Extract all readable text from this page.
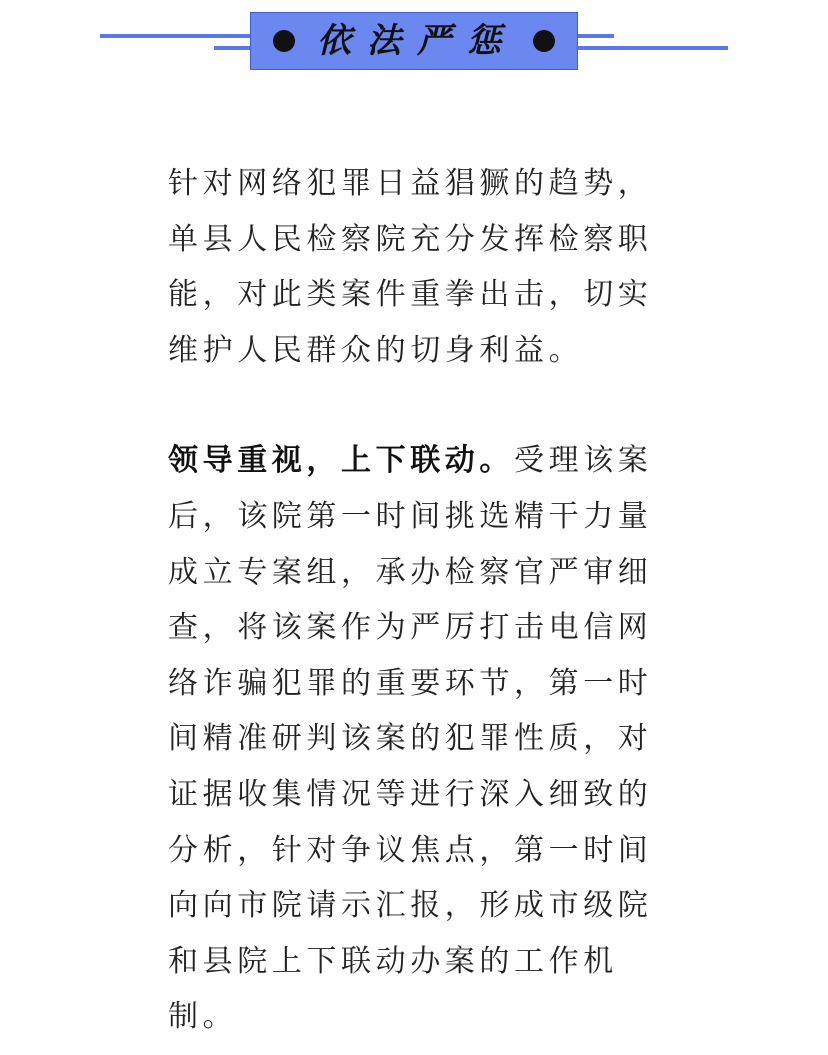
依法严惩

针对网络犯罪日益猖獗的趋势，单县人民检察院充分发挥检察职能，对此类案件重拳出击，切实维护人民群众的切身利益。

领导重视，上下联动。受理该案后，该院第一时间挑选精干力量成立专案组，承办检察官严审细查，将该案作为严厉打击电信网络诈骗犯罪的重要环节，第一时间精准研判该案的犯罪性质，对证据收集情况等进行深入细致的分析，针对争议焦点，第一时间向向市院请示汇报，形成市级院和县院上下联动办案的工作机制。
